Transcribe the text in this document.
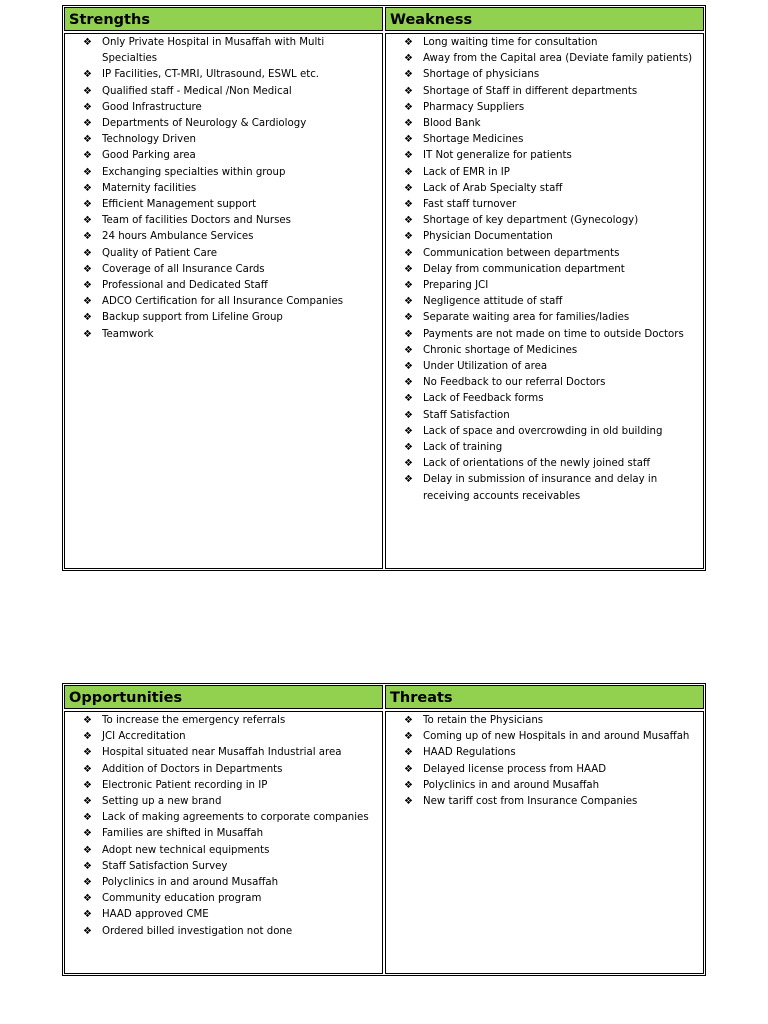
Strengths
❖ Only Private Hospital in Musaffah with Multi Specialties
❖ IP Facilities, CT-MRI, Ultrasound, ESWL etc.
❖ Qualified staff - Medical /Non Medical
❖ Good Infrastructure
❖ Departments of Neurology & Cardiology
❖ Technology Driven
❖ Good Parking area
❖ Exchanging specialties within group
❖ Maternity facilities
❖ Efficient Management support
❖ Team of facilities Doctors and Nurses
❖ 24 hours Ambulance Services
❖ Quality of Patient Care
❖ Coverage of all Insurance Cards
❖ Professional and Dedicated Staff
❖ ADCO Certification for all Insurance Companies
❖ Backup support from Lifeline Group
❖ Teamwork
Weakness
❖ Long waiting time for consultation
❖ Away from the Capital area (Deviate family patients)
❖ Shortage of physicians
❖ Shortage of Staff in different departments
❖ Pharmacy Suppliers
❖ Blood Bank
❖ Shortage Medicines
❖ IT Not generalize for patients
❖ Lack of EMR in IP
❖ Lack of Arab Specialty staff
❖ Fast staff turnover
❖ Shortage of key department (Gynecology)
❖ Physician Documentation
❖ Communication between departments
❖ Delay from communication department
❖ Preparing JCI
❖ Negligence attitude of staff
❖ Separate waiting area for families/ladies
❖ Payments are not made on time to outside Doctors
❖ Chronic shortage of Medicines
❖ Under Utilization of area
❖ No Feedback to our referral Doctors
❖ Lack of Feedback forms
❖ Staff Satisfaction
❖ Lack of space and overcrowding in old building
❖ Lack of training
❖ Lack of orientations of the newly joined staff
❖ Delay in submission of insurance and delay in receiving accounts receivables
Opportunities
❖ To increase the emergency referrals
❖ JCI Accreditation
❖ Hospital situated near Musaffah Industrial area
❖ Addition of Doctors in Departments
❖ Electronic Patient recording in IP
❖ Setting up a new brand
❖ Lack of making agreements to corporate companies
❖ Families are shifted in Musaffah
❖ Adopt new technical equipments
❖ Staff Satisfaction Survey
❖ Polyclinics in and around Musaffah
❖ Community education program
❖ HAAD approved CME
❖ Ordered billed investigation not done
Threats
❖ To retain the Physicians
❖ Coming up of new Hospitals in and around Musaffah
❖ HAAD Regulations
❖ Delayed license process from HAAD
❖ Polyclinics in and around Musaffah
❖ New tariff cost from Insurance Companies
